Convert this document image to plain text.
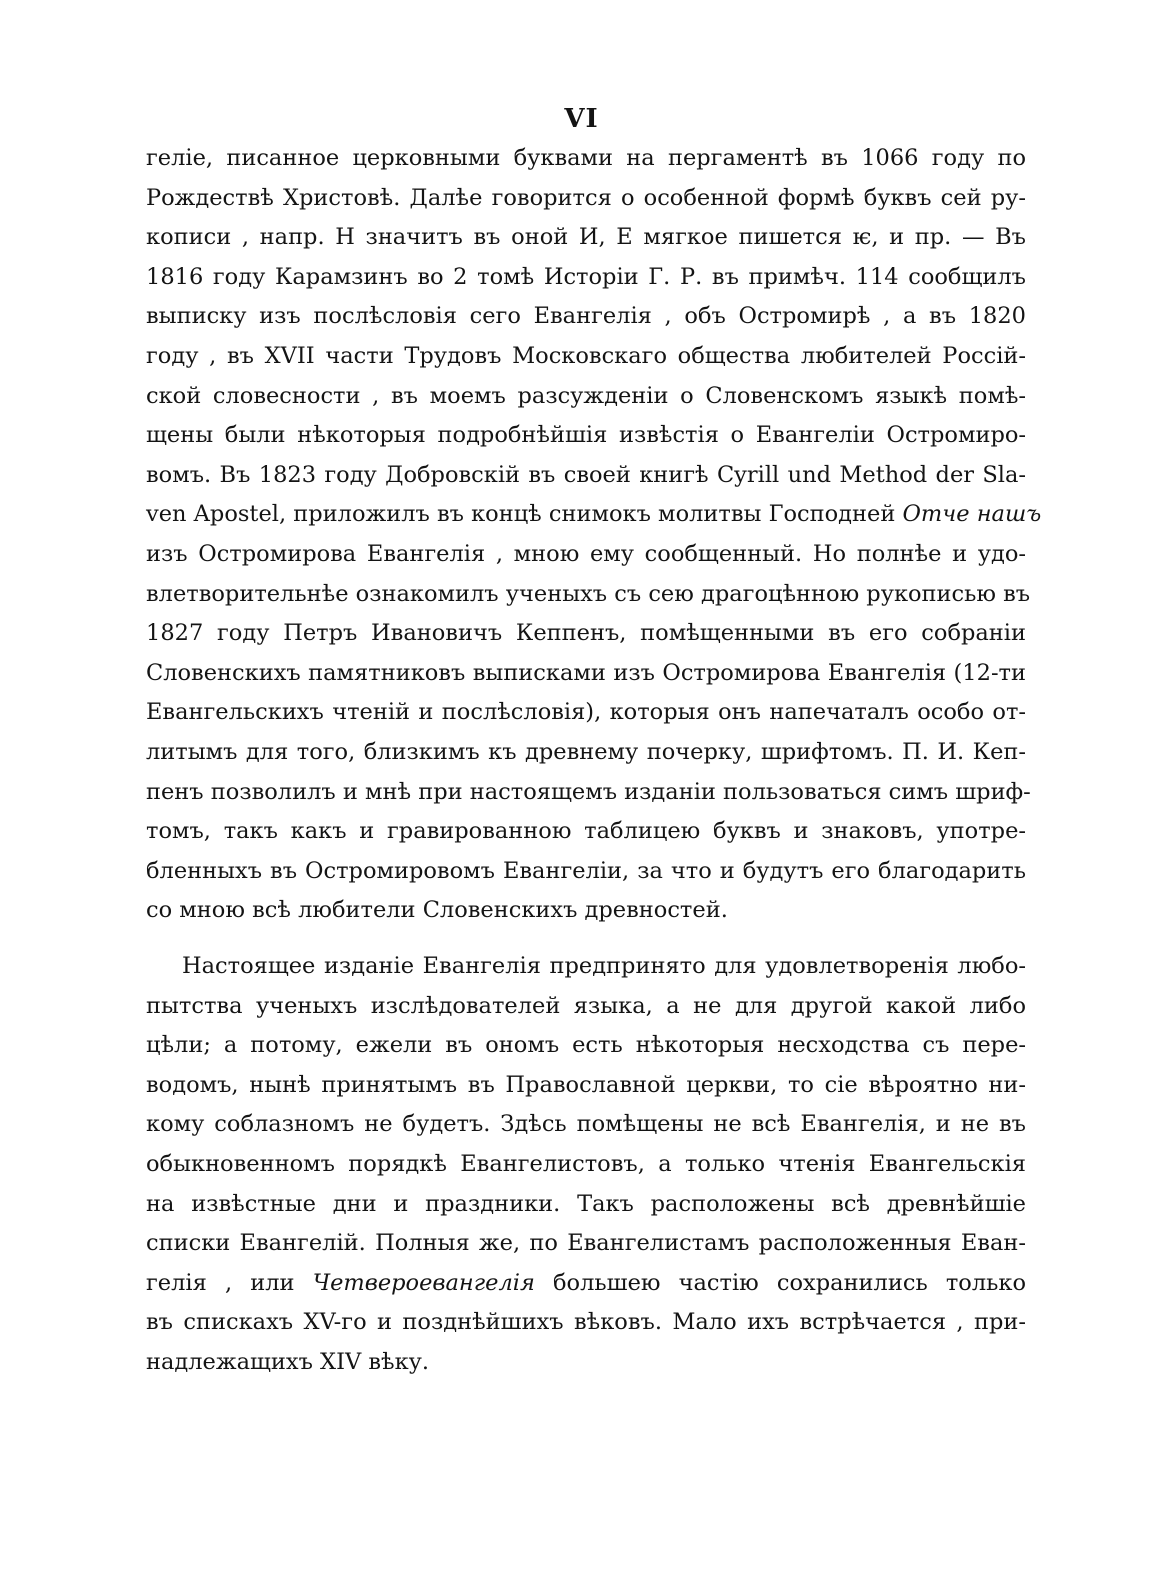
VI
геліе, писанное церковными буквами на пергаментѣ въ 1066 году по
Рождествѣ Христовѣ. Далѣе говорится о особенной формѣ буквъ сей ру-
кописи , напр. Н значитъ въ оной И, Е мягкое пишется ѥ, и пр. — Въ
1816 году Карамзинъ во 2 томѣ Исторіи Г. Р. въ примѣч. 114 сообщилъ
выписку изъ послѣсловія сего Евангелія , объ Остромирѣ , а въ 1820
году , въ XVII части Трудовъ Московскаго общества любителей Россій-
ской словесности , въ моемъ разсужденіи о Словенскомъ языкѣ помѣ-
щены были нѣкоторыя подробнѣйшія извѣстія о Евангеліи Остромиро-
вомъ. Въ 1823 году Добровскій въ своей книгѣ Cyrill und Method der Sla-
ven Apostel, приложилъ въ концѣ снимокъ молитвы Господней Отче нашъ
изъ Остромирова Евангелія , мною ему сообщенный. Но полнѣе и удо-
влетворительнѣе ознакомилъ ученыхъ съ сею драгоцѣнною рукописью въ
1827 году Петръ Ивановичъ Кеппенъ, помѣщенными въ его собраніи
Словенскихъ памятниковъ выписками изъ Остромирова Евангелія (12-ти
Евангельскихъ чтеній и послѣсловія), которыя онъ напечаталъ особо от-
литымъ для того, близкимъ къ древнему почерку, шрифтомъ. П. И. Кеп-
пенъ позволилъ и мнѣ при настоящемъ изданіи пользоваться симъ шриф-
томъ, такъ какъ и гравированною таблицею буквъ и знаковъ, употре-
бленныхъ въ Остромировомъ Евангеліи, за что и будутъ его благодарить
со мною всѣ любители Словенскихъ древностей.
Настоящее изданіе Евангелія предпринято для удовлетворенія любо-
пытства ученыхъ изслѣдователей языка, а не для другой какой либо
цѣли; а потому, ежели въ ономъ есть нѣкоторыя несходства съ пере-
водомъ, нынѣ принятымъ въ Православной церкви, то сіе вѣроятно ни-
кому соблазномъ не будетъ. Здѣсь помѣщены не всѣ Евангелія, и не въ
обыкновенномъ порядкѣ Евангелистовъ, а только чтенія Евангельскія
на извѣстные дни и праздники. Такъ расположены всѣ древнѣйшіе
списки Евангелій. Полныя же, по Евангелистамъ расположенныя Еван-
гелія , или Четвероевангелія большею частію сохранились только
въ спискахъ XV-го и позднѣйшихъ вѣковъ. Мало ихъ встрѣчается , при-
надлежащихъ XIV вѣку.
